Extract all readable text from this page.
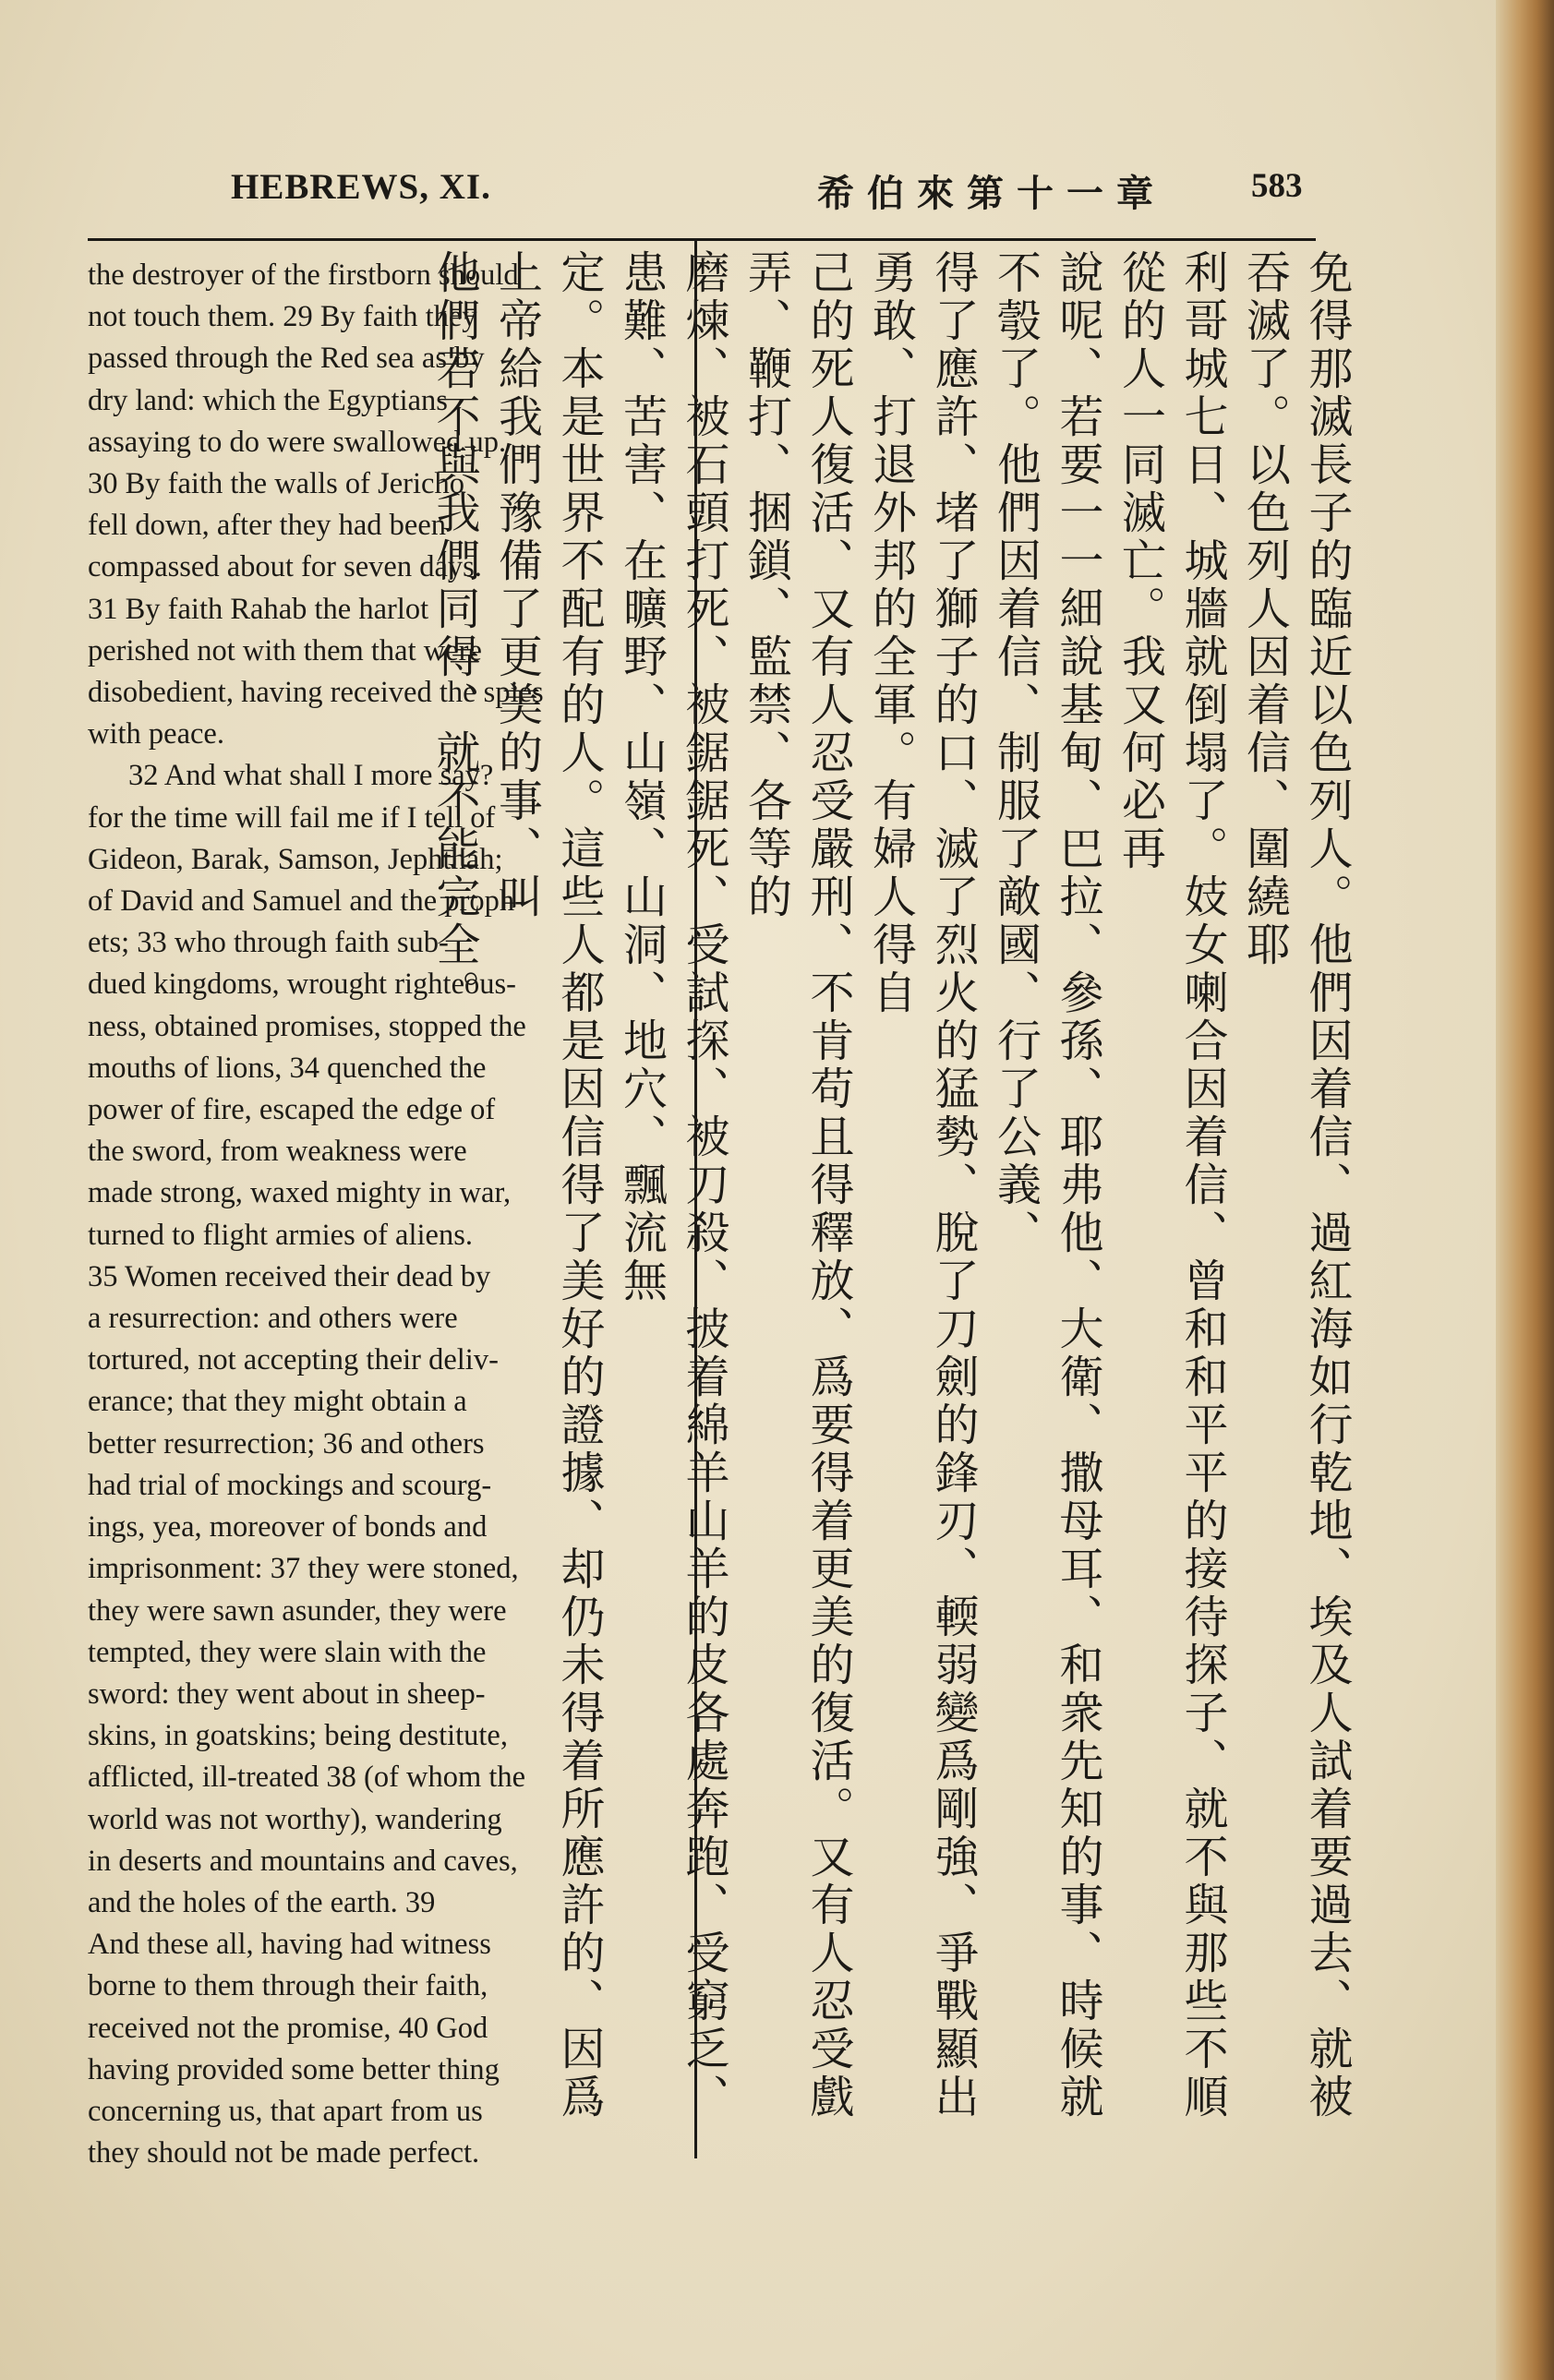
HEBREWS, XI.	希伯來第十一章 583

the destroyer of the firstborn should

not touch them. 29 By faith they

passed through the Red sea as by

dry land: which the Egyptians

assaying to do were swallowed up.

30 By faith the walls of Jericho

fell down, after they had been

compassed about for seven days.

31 By faith Rahab the harlot

perished not with them that were

disobedient, having received the spies

with peace.

32 And what shall I more say?

for the time will fail me if I tell of

Gideon, Barak, Samson, Jephthah;

of David and Samuel and the proph-

ets; 33 who through faith sub-

dued kingdoms, wrought righteous-

ness, obtained promises, stopped the

mouths of lions, 34 quenched the

power of fire, escaped the edge of

the sword, from weakness were

made strong, waxed mighty in war,

turned to flight armies of aliens.

35 Women received their dead by

a resurrection: and others were

tortured, not accepting their deliv-

erance; that they might obtain a

better resurrection; 36 and others

had trial of mockings and scourg-

ings, yea, moreover of bonds and

imprisonment: 37 they were stoned,

they were sawn asunder, they were

tempted, they were slain with the

sword: they went about in sheep-

skins, in goatskins; being destitute,

afflicted, ill-treated 38 (of whom the

world was not worthy), wandering

in deserts and mountains and caves,

and the holes of the earth. 39

And these all, having had witness

borne to them through their faith,

received not the promise, 40 God

having provided some better thing

concerning us, that apart from us

they should not be made perfect.

免得那滅長子的臨近以色列人。他們因着信、過紅海如行乾地、埃及人試着要過去、就被吞滅了。以色列人因着信、圍繞耶
利哥城七日、城牆就倒塌了。妓女喇合因着信、曾和和平平的接待探子、就不與那些不順從的人一同滅亡。我又何必再
說呢、若要一一細說基甸、巴拉、參孫、耶弗他、大衛、撒母耳、和衆先知的事、時候就不彀了。他們因着信、制服了敵國、行了公義、
得了應許、堵了獅子的口、滅了烈火的猛勢、脫了刀劍的鋒刃、輭弱變爲剛強、爭戰顯出勇敢、打退外邦的全軍。有婦人得自
己的死人復活、又有人忍受嚴刑、不肯苟且得釋放、爲要得着更美的復活。又有人忍受戲弄、鞭打、捆鎖、監禁、各等的
磨煉、被石頭打死、被鋸鋸死、受試探、被刀殺、披着綿羊山羊的皮各處奔跑、受窮乏、患難、苦害、在曠野、山嶺、山洞、地穴、飄流無
定。本是世界不配有的人。這些人都是因信得了美好的證據、却仍未得着所應許的、因爲上帝給我們豫備了更美的事、叫
他們若不與我們同得、就不能完全。
